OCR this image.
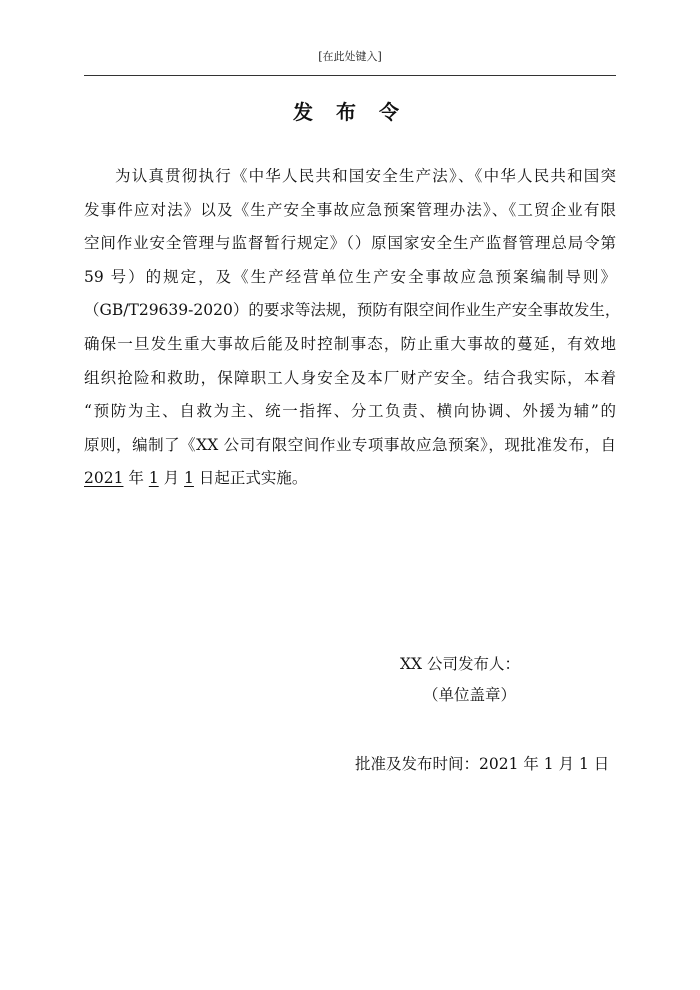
[在此处键入]
发 布 令
为认真贯彻执行《中华人民共和国安全生产法》、《中华人民共和国突
发事件应对法》以及《生产安全事故应急预案管理办法》、《工贸企业有限
空间作业安全管理与监督暂行规定》（）原国家安全生产监督管理总局令第
59 号）的规定，及《生产经营单位生产安全事故应急预案编制导则》
（GB/T29639-2020）的要求等法规，预防有限空间作业生产安全事故发生，
确保一旦发生重大事故后能及时控制事态，防止重大事故的蔓延，有效地
组织抢险和救助，保障职工人身安全及本厂财产安全。结合我实际，本着
“预防为主、自救为主、统一指挥、分工负责、横向协调、外援为辅”的
原则，编制了《XX 公司有限空间作业专项事故应急预案》，现批准发布，自
2021 年 1 月 1 日起正式实施。
XX 公司发布人：
（单位盖章）
批准及发布时间：2021 年 1 月 1 日
